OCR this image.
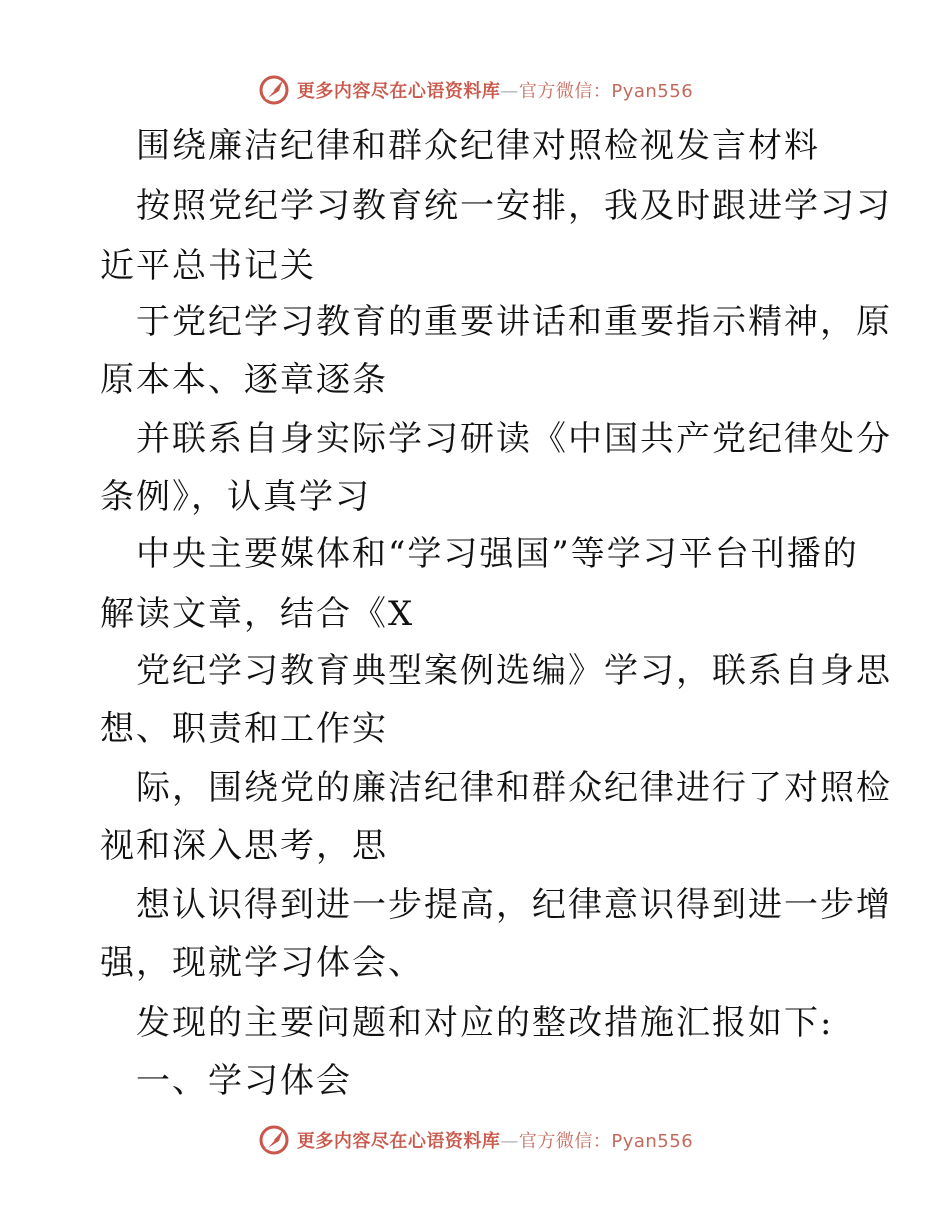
更多内容尽在心语资料库—官方微信：Pyan556
围绕廉洁纪律和群众纪律对照检视发言材料
按照党纪学习教育统一安排，我及时跟进学习习
近平总书记关
于党纪学习教育的重要讲话和重要指示精神，原
原本本、逐章逐条
并联系自身实际学习研读《中国共产党纪律处分
条例》，认真学习
中央主要媒体和“学习强国”等学习平台刊播的
解读文章，结合《X
党纪学习教育典型案例选编》学习，联系自身思
想、职责和工作实
际，围绕党的廉洁纪律和群众纪律进行了对照检
视和深入思考，思
想认识得到进一步提高，纪律意识得到进一步增
强，现就学习体会、
发现的主要问题和对应的整改措施汇报如下:
一、学习体会
更多内容尽在心语资料库—官方微信：Pyan556
